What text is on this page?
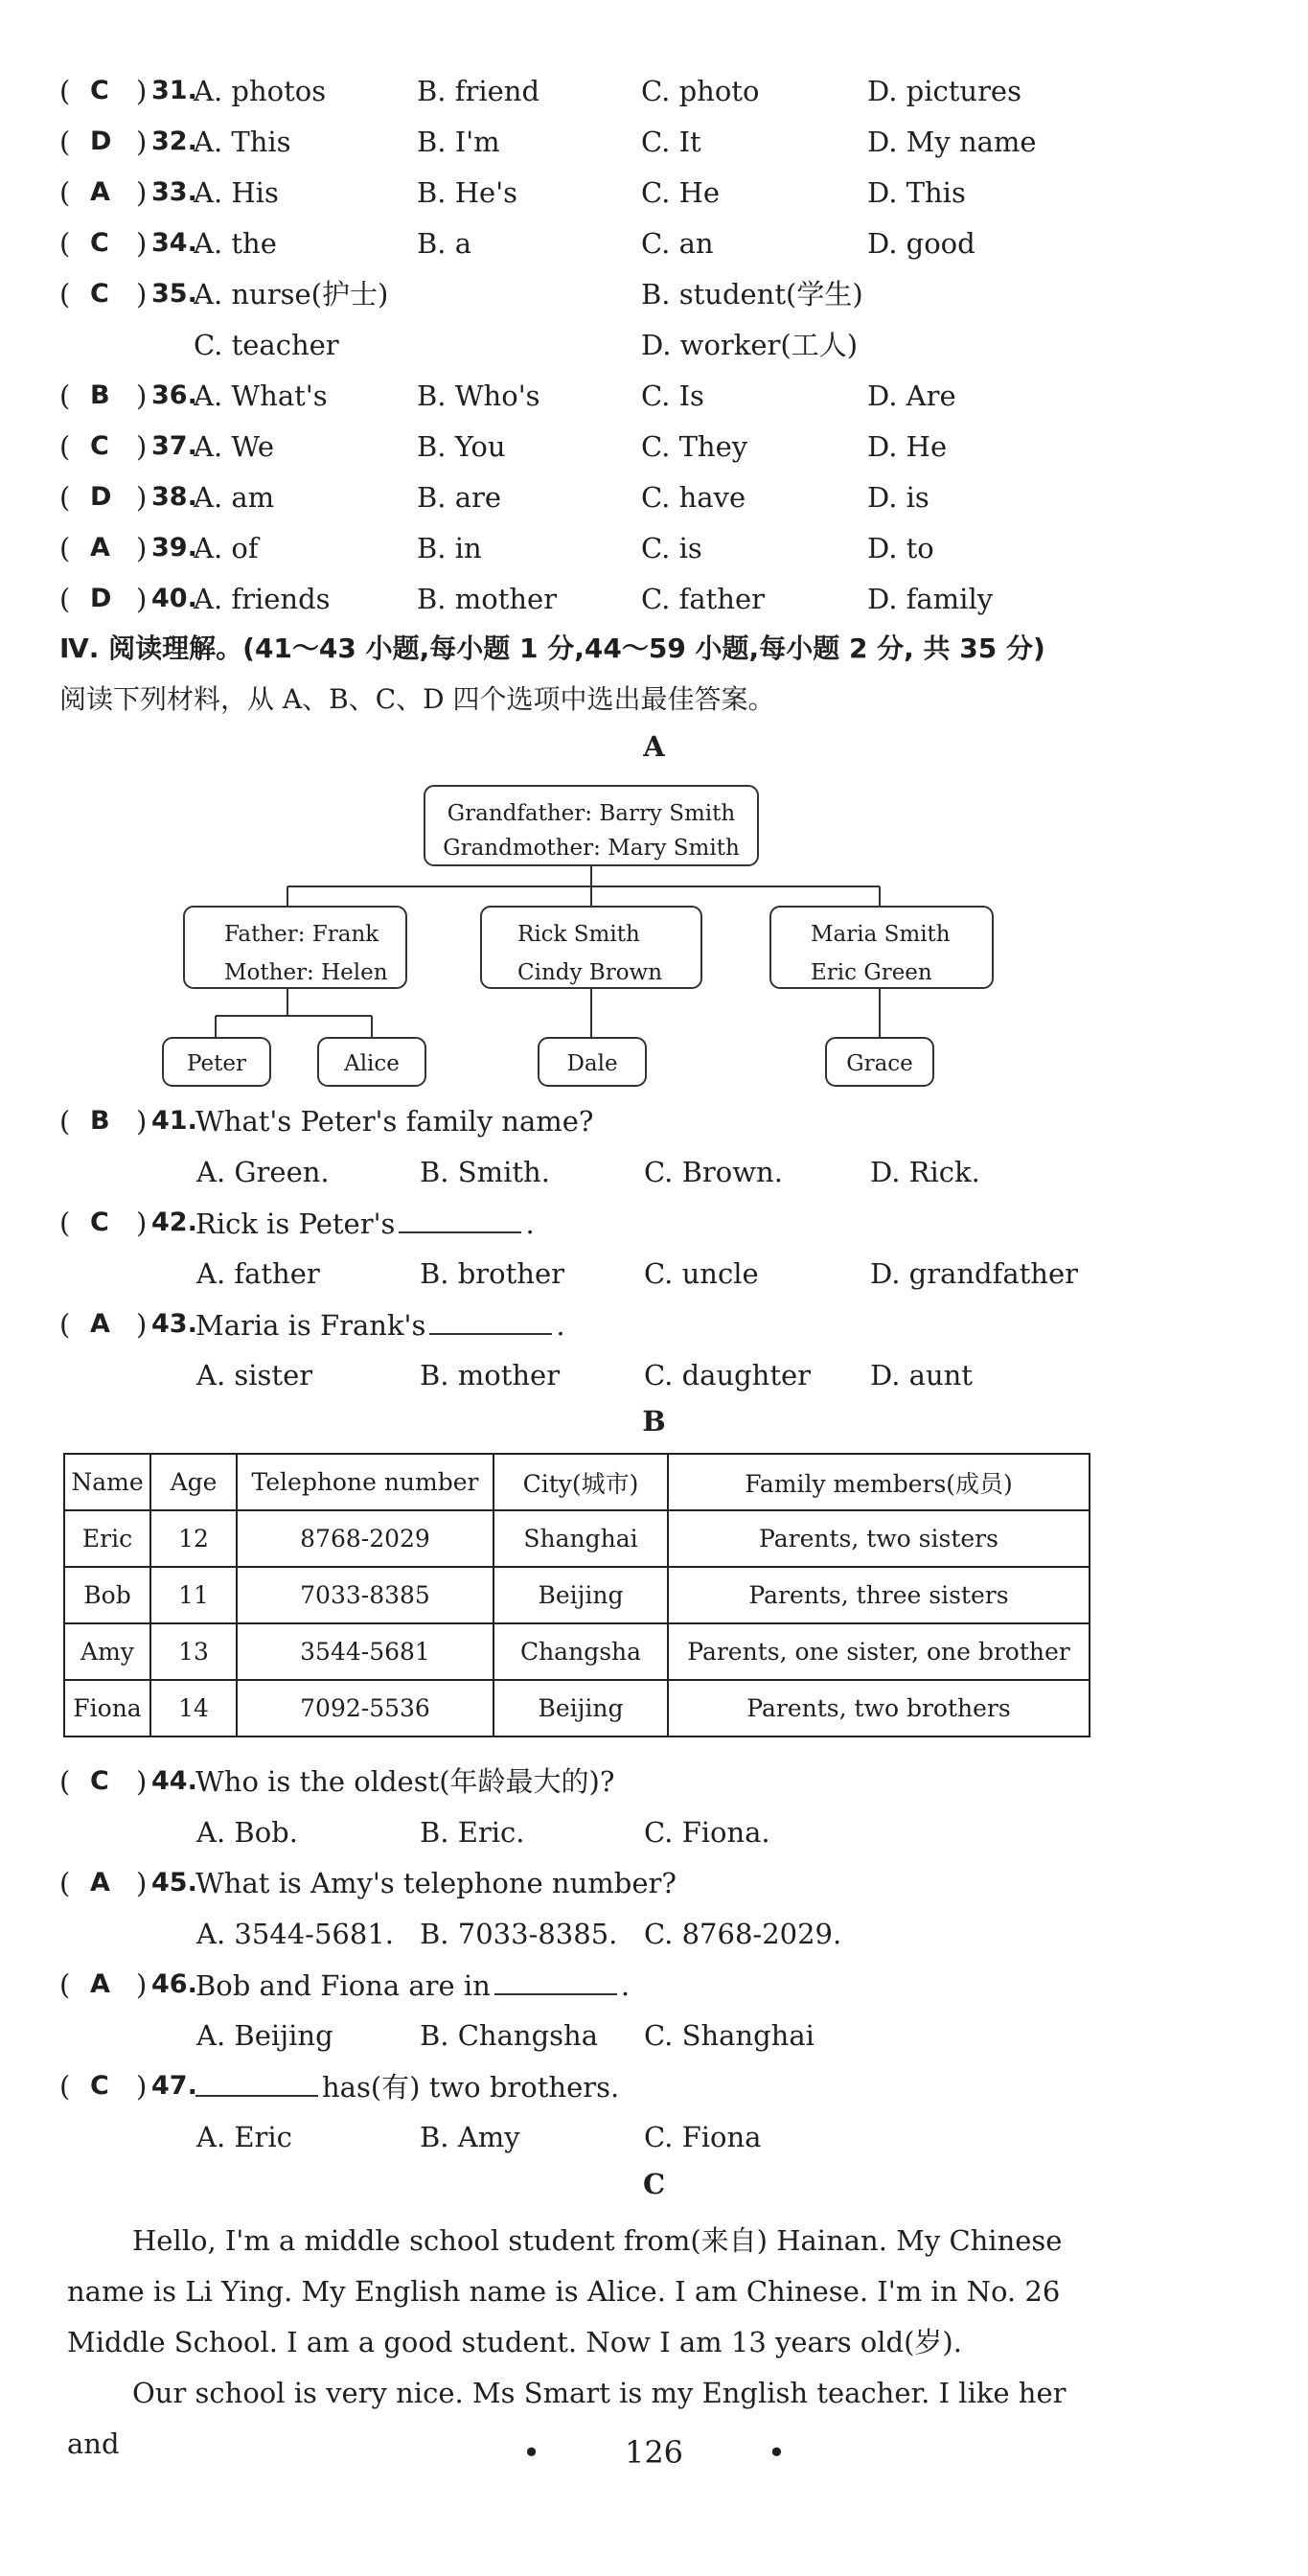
( C ) 31.
A. photos	B. friend	C. photo	D. pictures
( D ) 32.
A. This	B. I'm	C. It	D. My name
( A ) 33.
A. His	B. He's	C. He	D. This
( C ) 34.
A. the	B. a	C. an	D. good
( C ) 35.
A. nurse(护士)	B. student(学生)
C. teacher	D. worker(工人)
( B ) 36.
A. What's	B. Who's	C. Is	D. Are
( C ) 37.
A. We	B. You	C. They	D. He
( D ) 38.
A. am	B. are	C. have	D. is
( A ) 39.
A. of	B. in	C. is	D. to
( D ) 40.
A. friends	B. mother	C. father	D. family
Ⅳ. 阅读理解。(41～43 小题,每小题 1 分,44～59 小题,每小题 2 分, 共 35 分)
阅读下列材料，从 A、B、C、D 四个选项中选出最佳答案。
A
Grandfather: Barry Smith
Grandmother: Mary Smith
Father: Frank
Mother: Helen
Rick Smith
Cindy Brown
Maria Smith
Eric Green
Peter	Alice	Dale	Grace
( B ) 41.
What's Peter's family name?
A. Green.	B. Smith.	C. Brown.	D. Rick.
( C ) 42.
Rick is Peter's	.
A. father	B. brother	C. uncle	D. grandfather
( A ) 43.
Maria is Frank's	.
A. sister	B. mother	C. daughter D. aunt
B
Name	Age	Telephone number	City(城市)	Family members(成员)
Eric	12	8768-2029	Shanghai	Parents, two sisters
Bob	11	7033-8385	Beijing	Parents, three sisters
Amy	13	3544-5681	Changsha	Parents, one sister, one brother
Fiona	14	7092-5536	Beijing	Parents, two brothers
( C ) 44.
Who is the oldest(年龄最大的)?
A. Bob.	B. Eric.	C. Fiona.
( A ) 45.
What is Amy's telephone number?
A. 3544-5681. B. 7033-8385. C. 8768-2029.
( A ) 46.
Bob and Fiona are in	.
A. Beijing	B. Changsha C. Shanghai
( C ) 47.	has(有) two brothers.
A. Eric	B. Amy	C. Fiona
C
Hello, I'm a middle school student from(来自) Hainan. My Chinese name is Li Ying. My English name is Alice. I am Chinese. I'm in No. 26 Middle School. I am a good student. Now I am 13 years old(岁).
Our school is very nice. Ms Smart is my English teacher. I like her and	•	126	•
